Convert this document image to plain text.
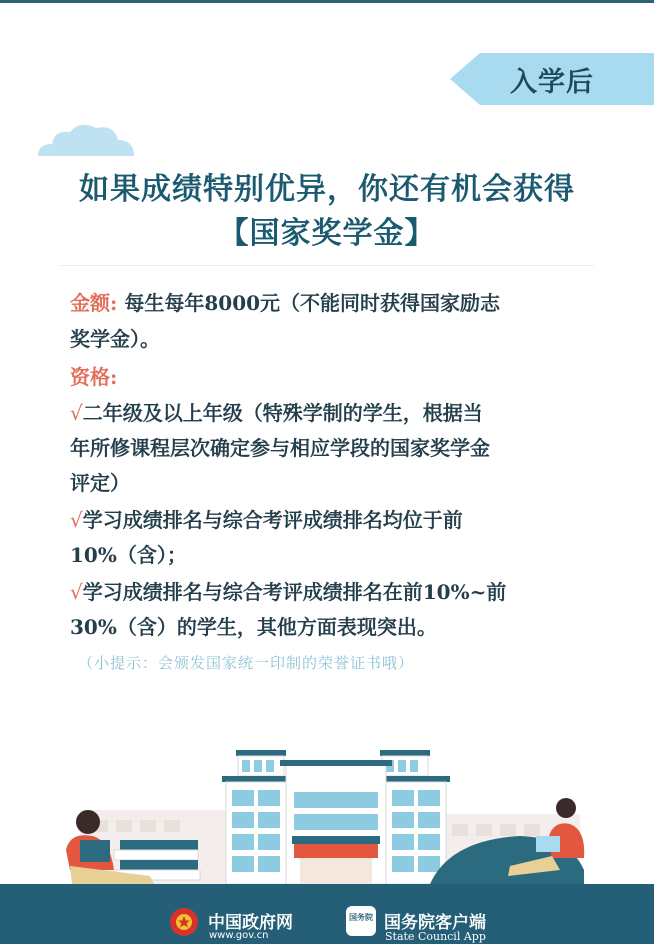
入学后
如果成绩特别优异，你还有机会获得
【国家奖学金】
金额: 每生每年8000元（不能同时获得国家励志
奖学金）。
资格:
√二年级及以上年级（特殊学制的学生，根据当
年所修课程层次确定参与相应学段的国家奖学金
评定）
√学习成绩排名与综合考评成绩排名均位于前
10%（含）；
√学习成绩排名与综合考评成绩排名在前10%~前
30%（含）的学生，其他方面表现突出。
（小提示：会颁发国家统一印制的荣誉证书哦）
中国政府网
www.gov.cn
国务院 国务院客户端
State Council App
